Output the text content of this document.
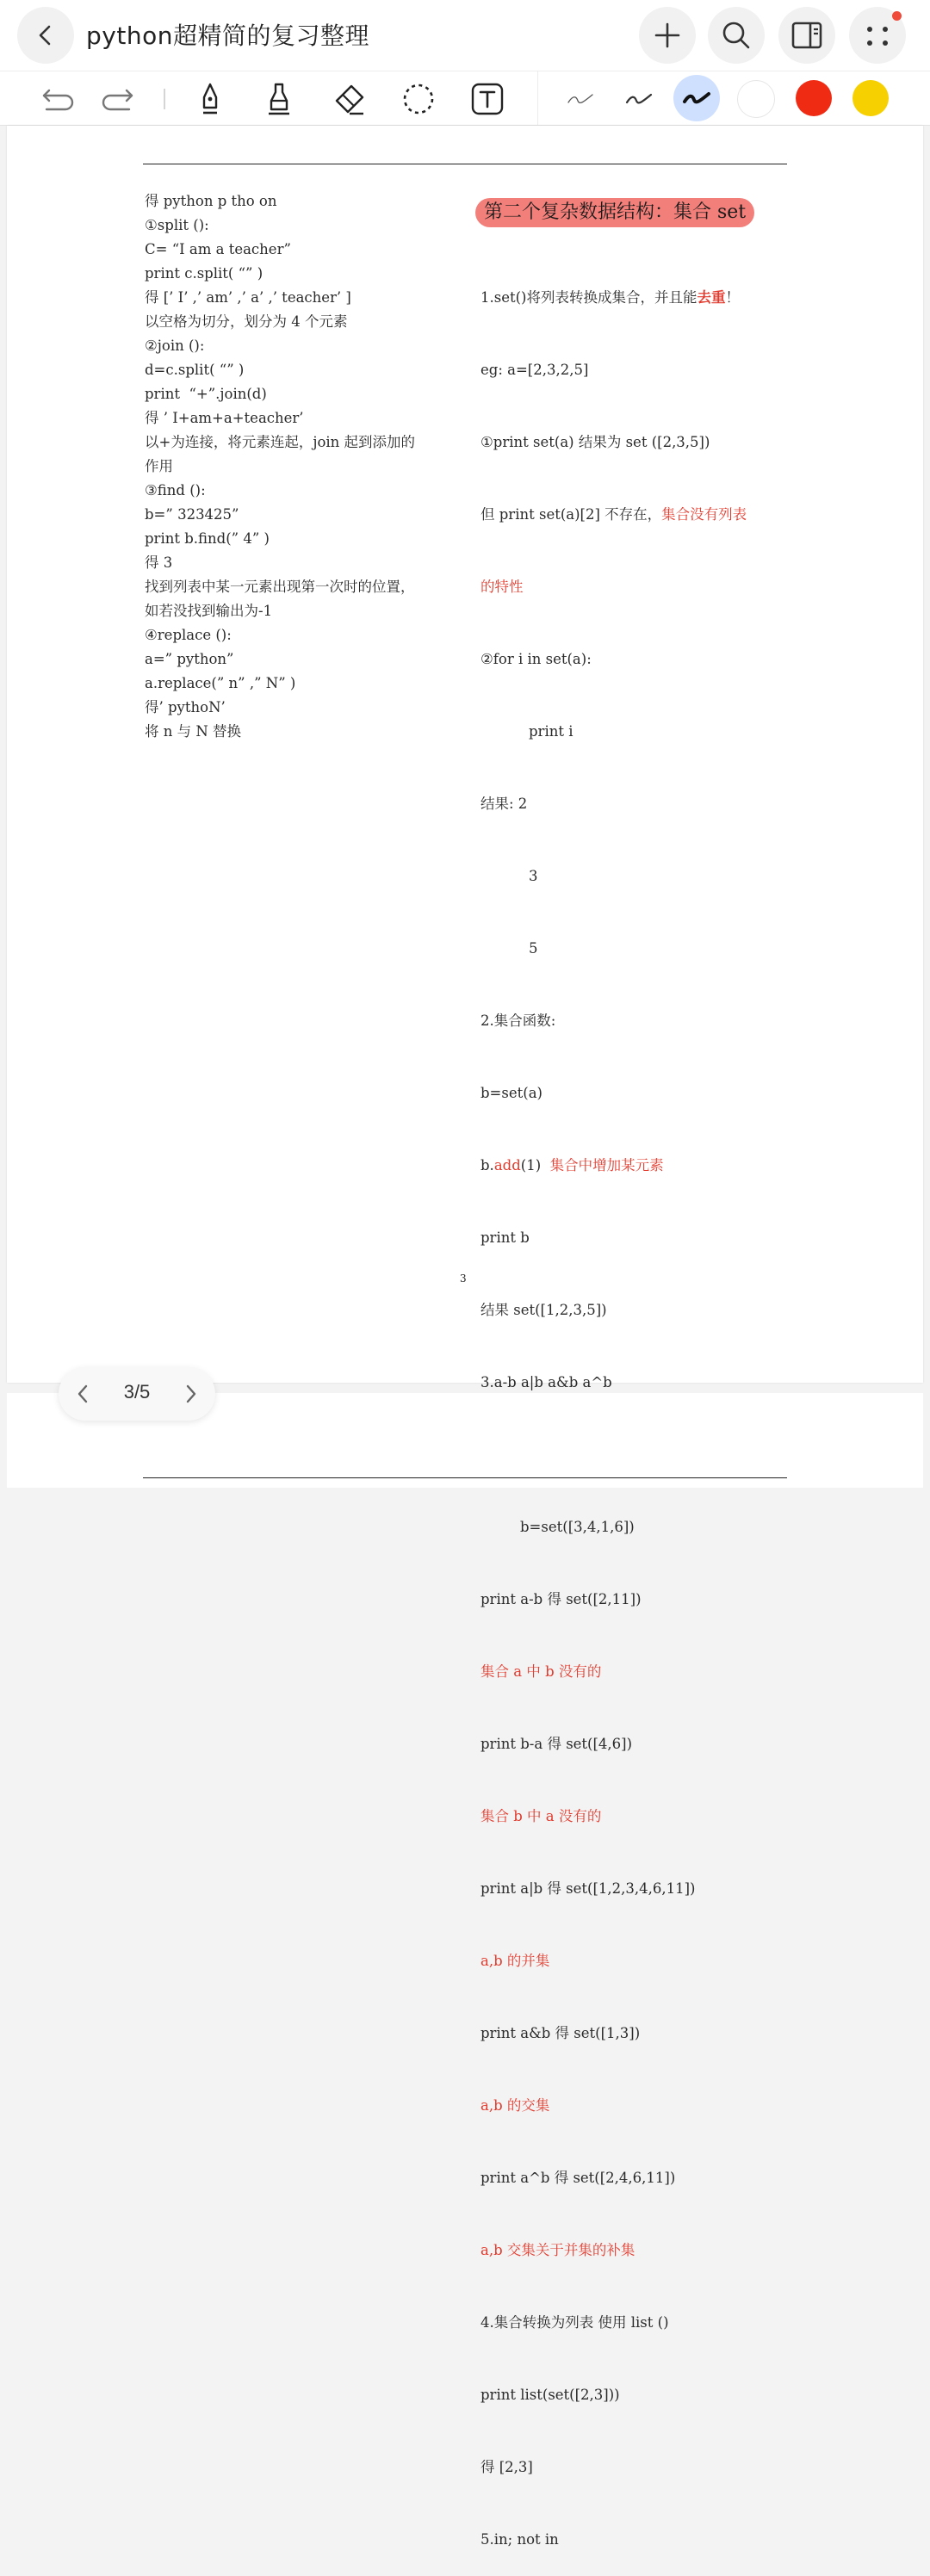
python超精简的复习整理
第二个复杂数据结构：集合 set
得 python p tho on
①split ():
C= “I am a teacher”
print c.split( “” )
得 [’ I’ ,’ am’ ,’ a’ ,’ teacher’ ]
以空格为切分，划分为 4 个元素
②join ():
d=c.split( “” )
print  “+”.join(d)
得 ’ I+am+a+teacher’
以+为连接，将元素连起，join 起到添加的
作用
③find ():
b=” 323425”
print b.find(” 4” )
得 3
找到列表中某一元素出现第一次时的位置，
如若没找到输出为-1
④replace ():
a=” python”
a.replace(” n” ,” N” )
得’ pythoN’
将 n 与 N 替换

1.set()将列表转换成集合，并且能去重！

eg: a=[2,3,2,5]

①print set(a) 结果为 set ([2,3,5])

但 print set(a)[2] 不存在，集合没有列表

的特性

②for i in set(a):

print i

结果: 2

3

5

2.集合函数:

b=set(a)

b.add(1)  集合中增加某元素

print b

结果 set([1,2,3,5])

3.a-b a|b a&b a^b

b=set([3,4,1,6])

print a-b 得 set([2,11])

集合 a 中 b 没有的

print b-a 得 set([4,6])

集合 b 中 a 没有的

print a|b 得 set([1,2,3,4,6,11])

a,b 的并集

print a&b 得 set([1,3])

a,b 的交集

print a^b 得 set([2,4,6,11])

a,b 交集关于并集的补集

4.集合转换为列表 使用 list ()

print list(set([2,3]))

得 [2,3]

5.in; not in

3
3/5
